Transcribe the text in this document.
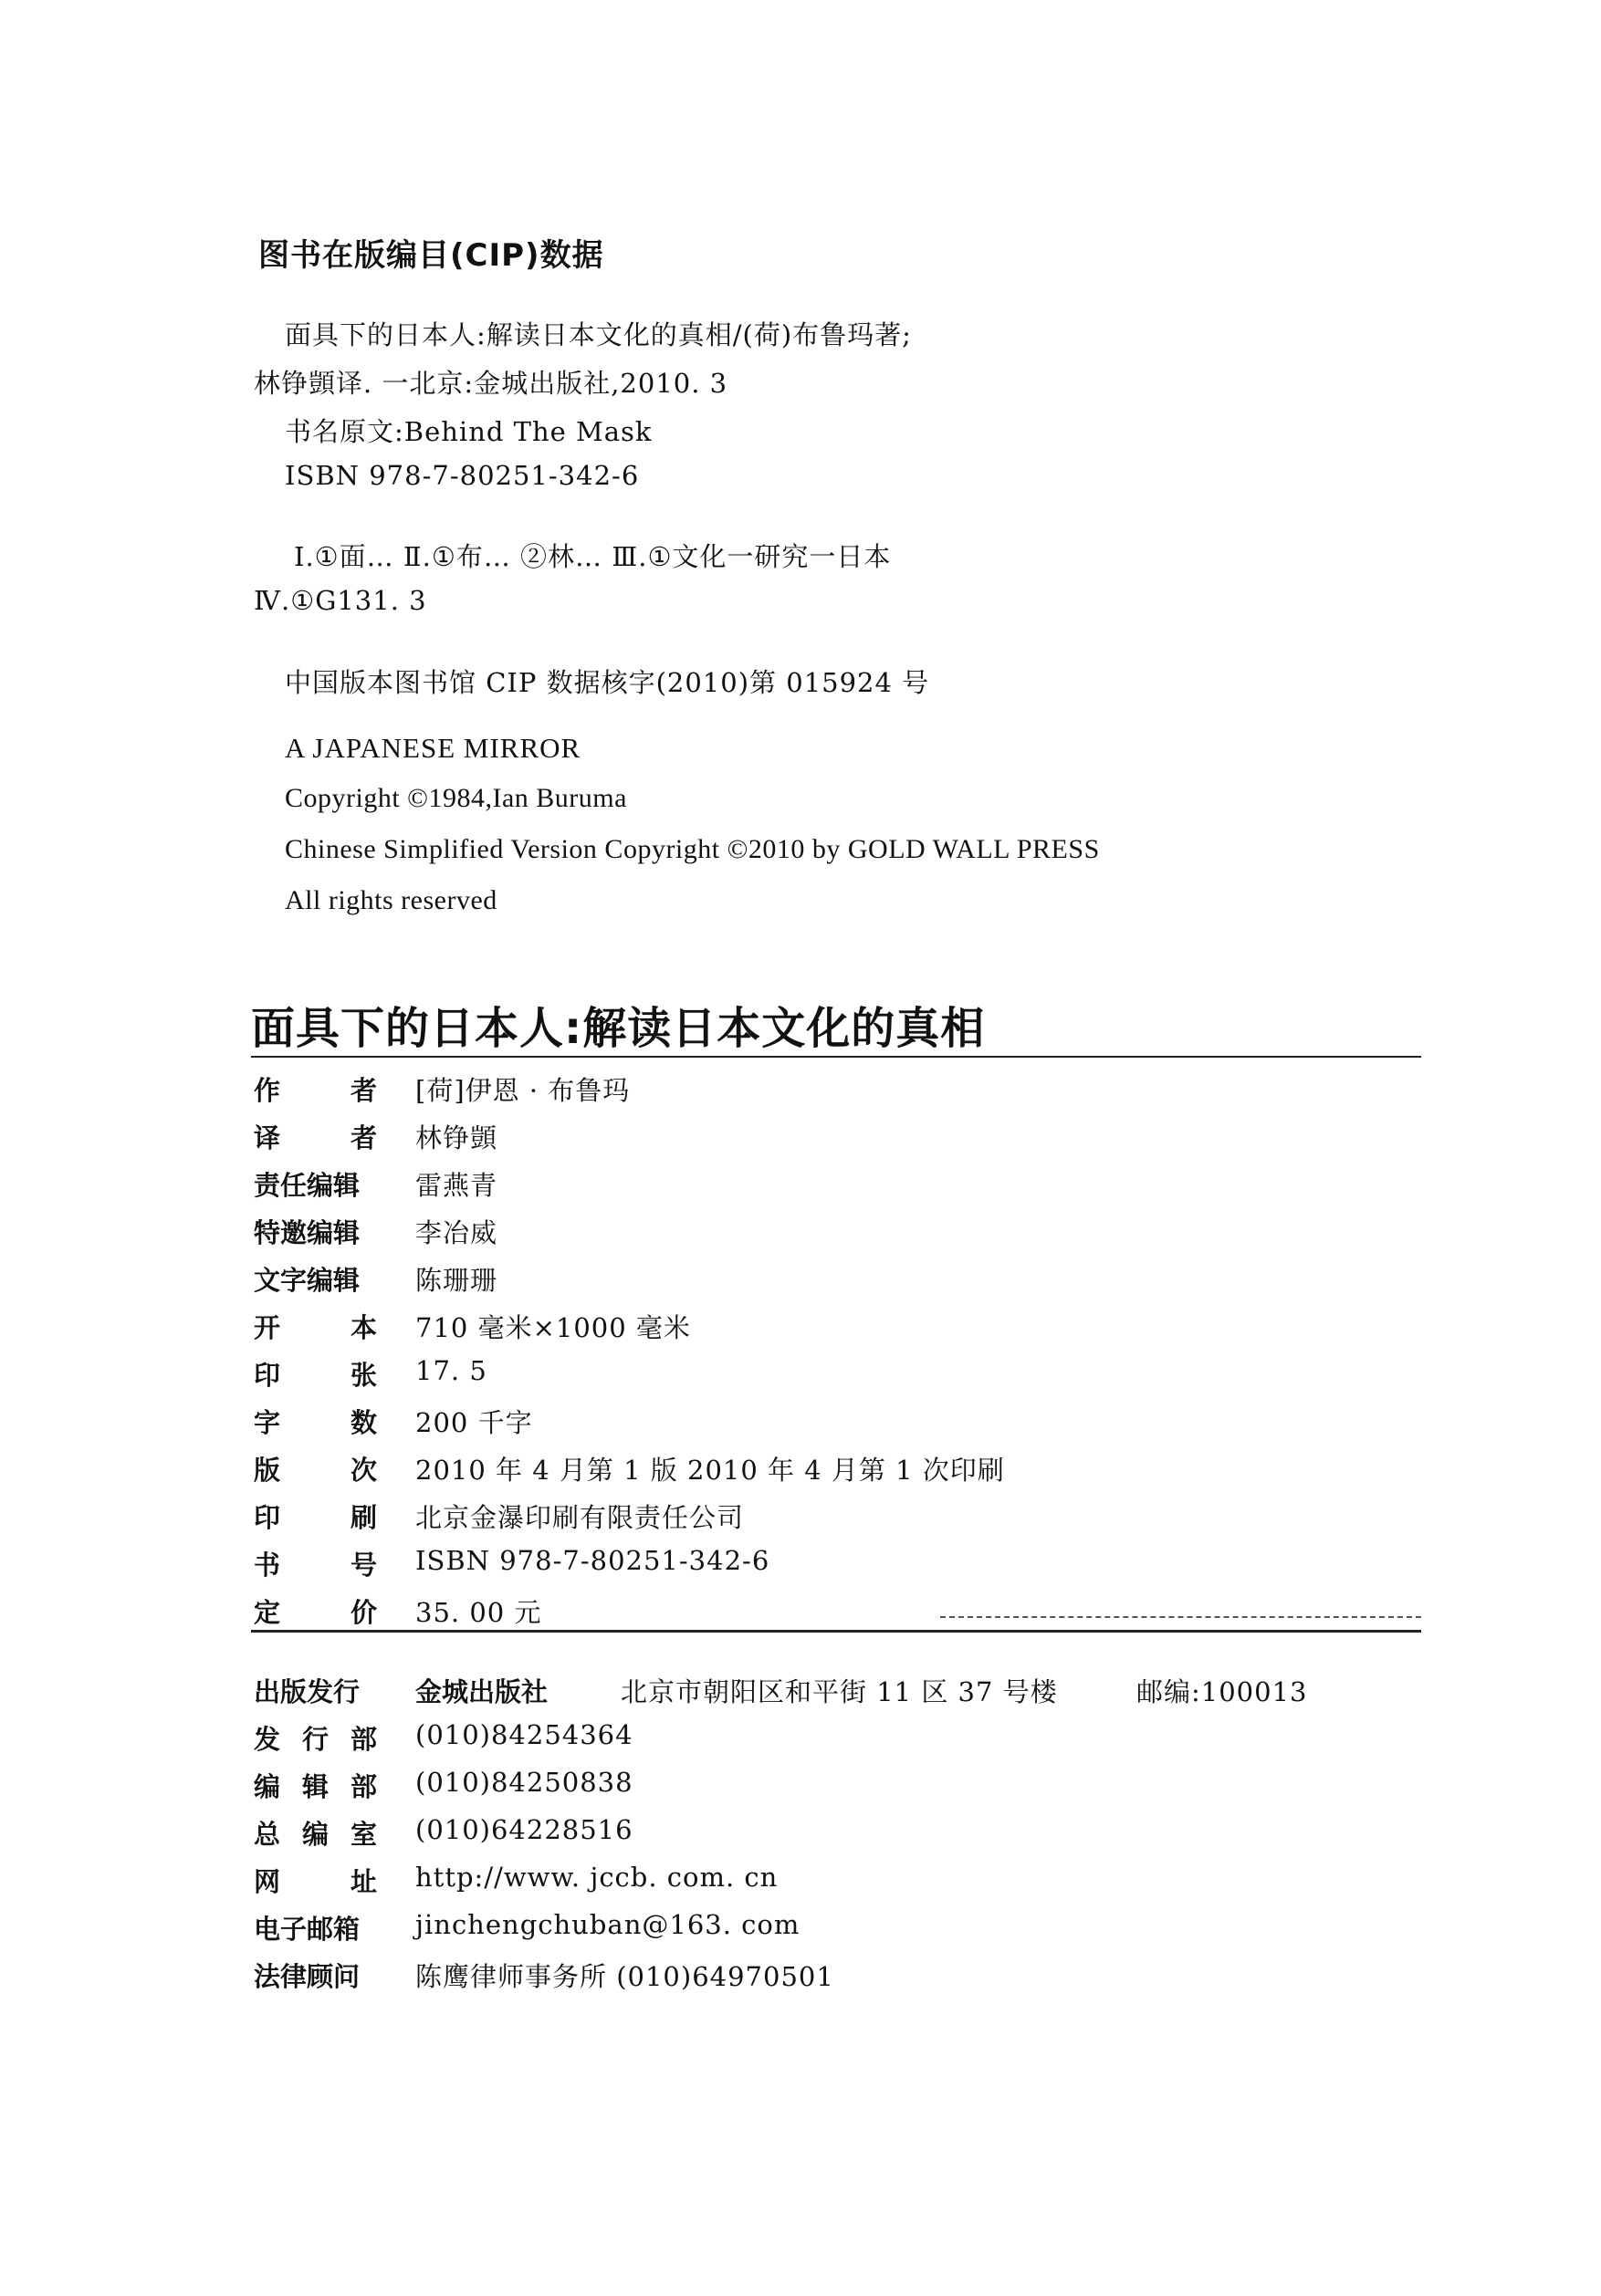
图书在版编目(CIP)数据
面具下的日本人:解读日本文化的真相/(荷)布鲁玛著;
林铮顗译. 一北京:金城出版社,2010. 3
书名原文:Behind The Mask
ISBN 978-7-80251-342-6
Ⅰ.①面… Ⅱ.①布… ②林… Ⅲ.①文化一研究一日本
Ⅳ.①G131. 3
中国版本图书馆 CIP 数据核字(2010)第 015924 号
A JAPANESE MIRROR
Copyright ©1984,Ian Buruma
Chinese Simplified Version Copyright ©2010 by GOLD WALL PRESS
All rights reserved
面具下的日本人:解读日本文化的真相
作	者 [荷]伊恩 · 布鲁玛
译	者 林铮顗
责任编辑 雷燕青
特邀编辑 李冶威
文字编辑 陈珊珊
开	本 710 毫米×1000 毫米
印	张 17. 5
字	数 200 千字
版	次 2010 年 4 月第 1 版 2010 年 4 月第 1 次印刷
印	刷 北京金瀑印刷有限责任公司
书	号 ISBN 978-7-80251-342-6
定	价 35. 00 元
出版发行 金城出版社	北京市朝阳区和平街 11 区 37 号楼	邮编:100013
发 行 部 (010)84254364
编 辑 部 (010)84250838
总 编 室 (010)64228516
网	址 http://www. jccb. com. cn
电子邮箱 jinchengchuban@163. com
法律顾问 陈鹰律师事务所 (010)64970501
